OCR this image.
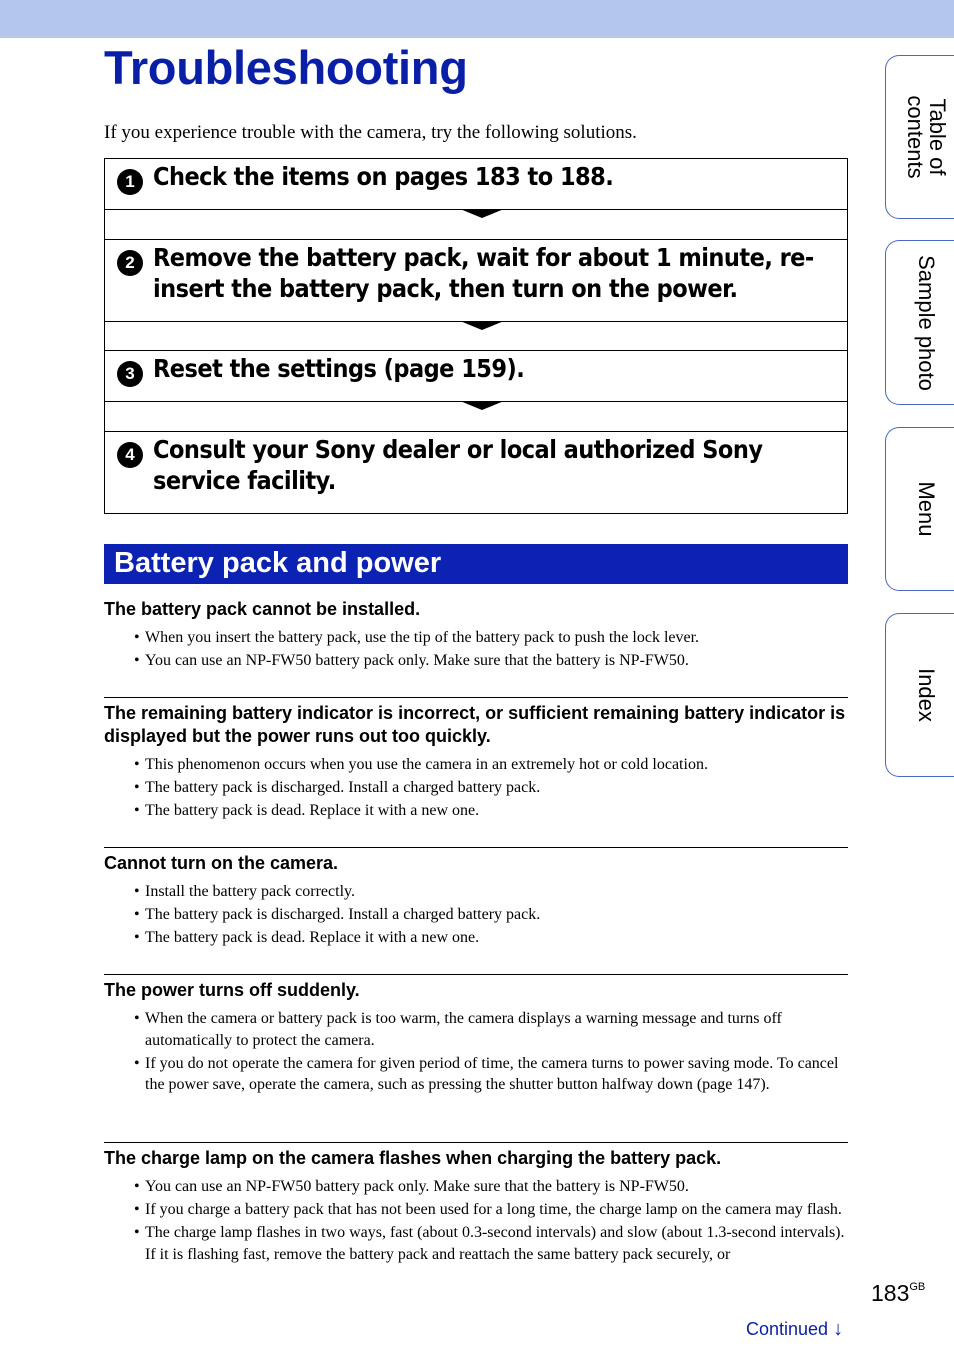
Troubleshooting
If you experience trouble with the camera, try the following solutions.
1 Check the items on pages 183 to 188.
2 Remove the battery pack, wait for about 1 minute, re-insert the battery pack, then turn on the power.
3 Reset the settings (page 159).
4 Consult your Sony dealer or local authorized Sony service facility.
Battery pack and power

The battery pack cannot be installed.

• When you insert the battery pack, use the tip of the battery pack to push the lock lever.
• You can use an NP-FW50 battery pack only. Make sure that the battery is NP-FW50.

The remaining battery indicator is incorrect, or sufficient remaining battery indicator is displayed but the power runs out too quickly.

• This phenomenon occurs when you use the camera in an extremely hot or cold location.
• The battery pack is discharged. Install a charged battery pack.
• The battery pack is dead. Replace it with a new one.

Cannot turn on the camera.

• Install the battery pack correctly.
• The battery pack is discharged. Install a charged battery pack.
• The battery pack is dead. Replace it with a new one.

The power turns off suddenly.

• When the camera or battery pack is too warm, the camera displays a warning message and turns off automatically to protect the camera.
• If you do not operate the camera for given period of time, the camera turns to power saving mode. To cancel the power save, operate the camera, such as pressing the shutter button halfway down (page 147).

The charge lamp on the camera flashes when charging the battery pack.

• You can use an NP-FW50 battery pack only. Make sure that the battery is NP-FW50.
• If you charge a battery pack that has not been used for a long time, the charge lamp on the camera may flash.
• The charge lamp flashes in two ways, fast (about 0.3-second intervals) and slow (about 1.3-second intervals). If it is flashing fast, remove the battery pack and reattach the same battery pack securely, or
Table of
contents
Sample photo
Menu
Index
$183^{GB}$
Continued ↓
